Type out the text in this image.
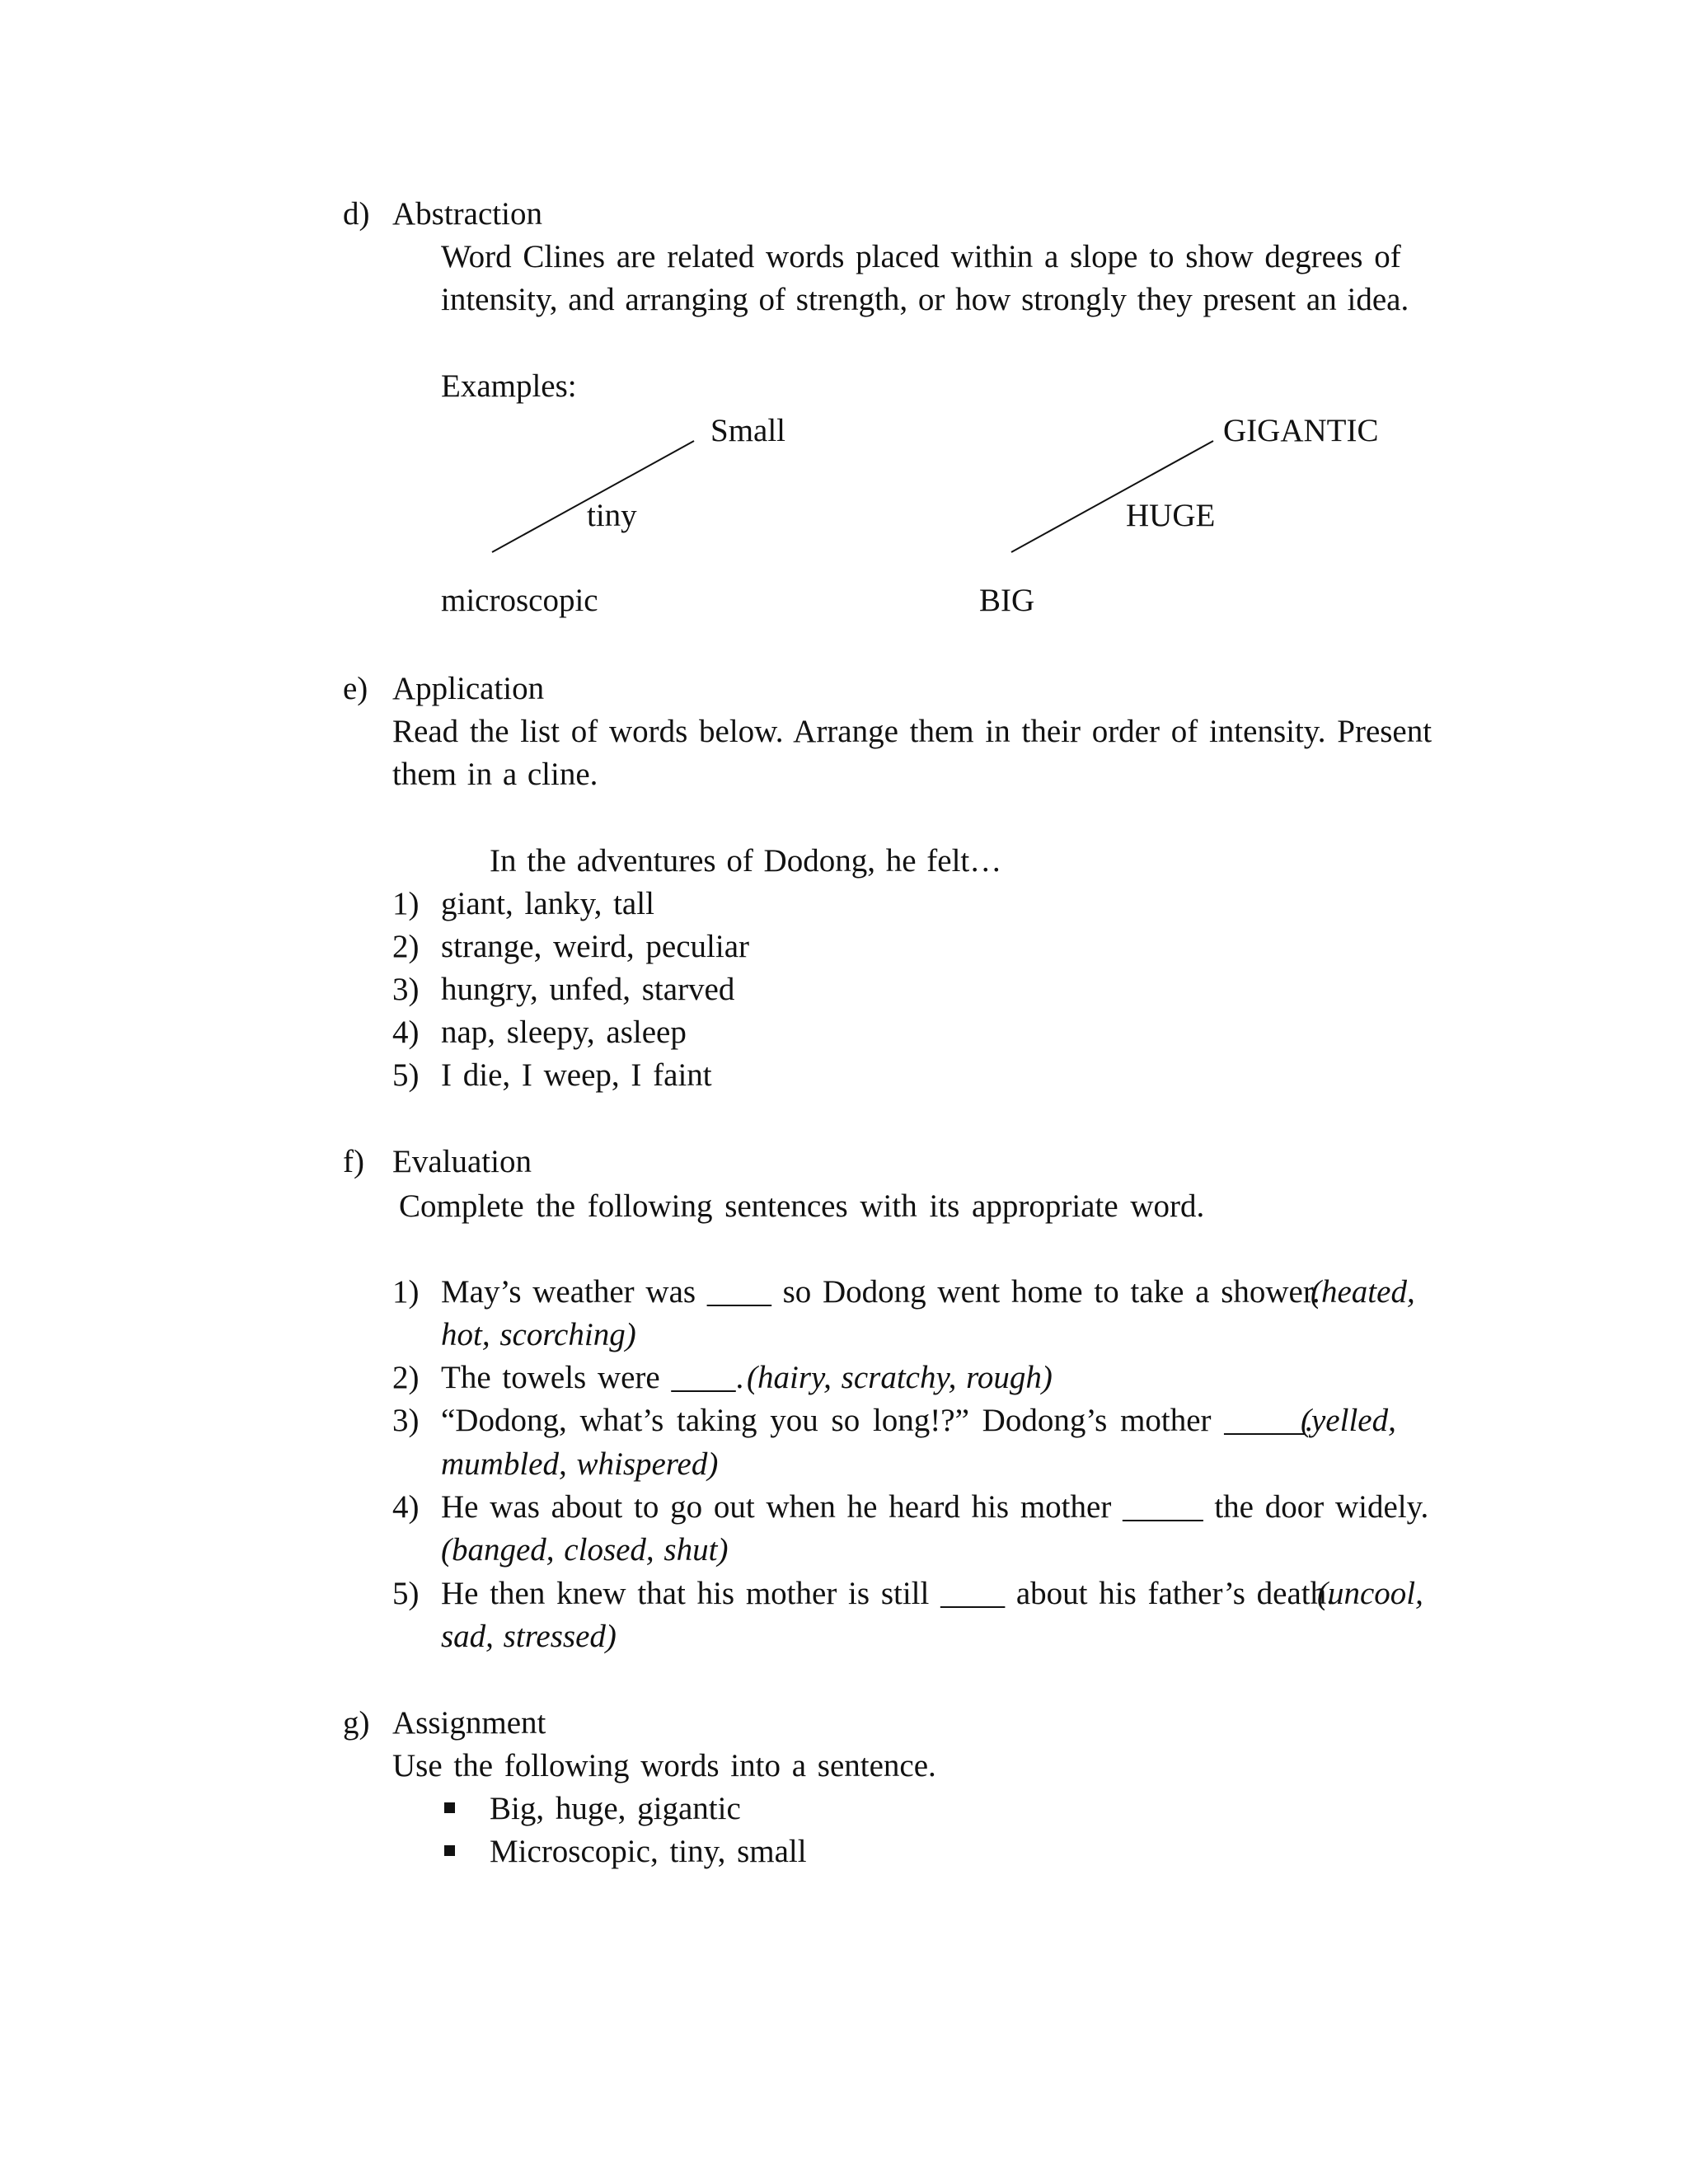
d) Abstraction
Word Clines are related words placed within a slope to show degrees of
intensity, and arranging of strength, or how strongly they present an idea.
Examples:
Small
tiny
microscopic
GIGANTIC
HUGE
BIG
e) Application
Read the list of words below. Arrange them in their order of intensity. Present
them in a cline.
In the adventures of Dodong, he felt…
1) giant, lanky, tall
2) strange, weird, peculiar
3) hungry, unfed, starved
4) nap, sleepy, asleep
5) I die, I weep, I faint
f) Evaluation
Complete the following sentences with its appropriate word.
1) May’s weather was ____ so Dodong went home to take a shower.
(heated,
hot, scorching)
2) The towels were ____. (hairy, scratchy, rough)
3) “Dodong, what’s taking you so long!?” Dodong’s mother _____.
(yelled,
mumbled, whispered)
4) He was about to go out when he heard his mother _____ the door widely.
(banged, closed, shut)
5) He then knew that his mother is still ____ about his father’s death.
(uncool,
sad, stressed)
g) Assignment
Use the following words into a sentence.
Big, huge, gigantic
Microscopic, tiny, small
